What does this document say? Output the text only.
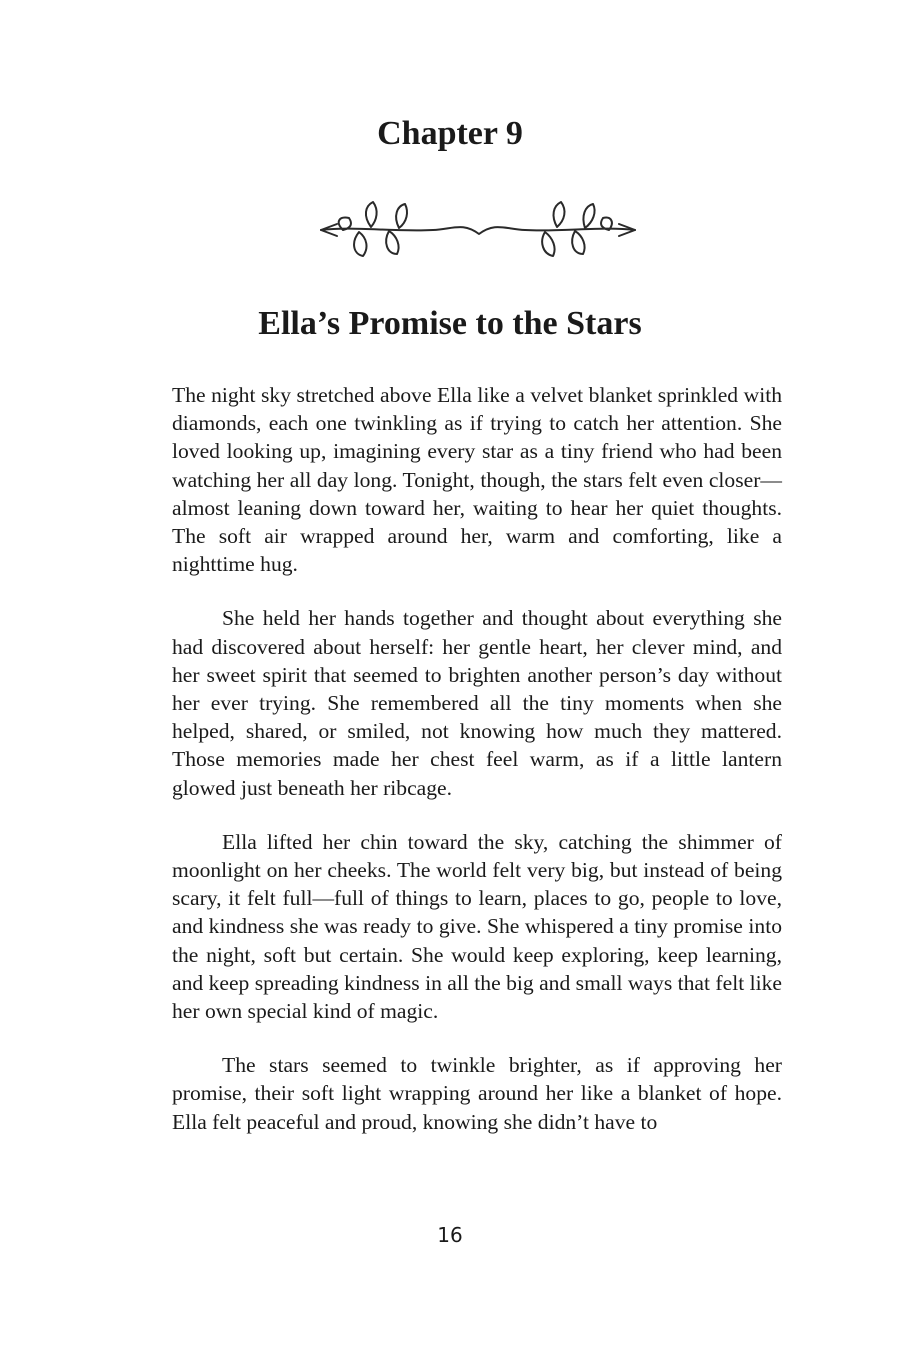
Chapter 9
Ella’s Promise to the Stars

The night sky stretched above Ella like a velvet blanket sprinkled with diamonds, each one twinkling as if trying to catch her attention. She loved looking up, imagining every star as a tiny friend who had been watching her all day long. Tonight, though, the stars felt even closer—almost leaning down toward her, waiting to hear her quiet thoughts. The soft air wrapped around her, warm and comforting, like a nighttime hug.

She held her hands together and thought about everything she had discovered about herself: her gentle heart, her clever mind, and her sweet spirit that seemed to brighten another person’s day without her ever trying. She remembered all the tiny moments when she helped, shared, or smiled, not knowing how much they mattered. Those memories made her chest feel warm, as if a little lantern glowed just beneath her ribcage.

Ella lifted her chin toward the sky, catching the shimmer of moonlight on her cheeks. The world felt very big, but instead of being scary, it felt full—full of things to learn, places to go, people to love, and kindness she was ready to give. She whispered a tiny promise into the night, soft but certain. She would keep exploring, keep learning, and keep spreading kindness in all the big and small ways that felt like her own special kind of magic.

The stars seemed to twinkle brighter, as if approving her promise, their soft light wrapping around her like a blanket of hope. Ella felt peaceful and proud, knowing she didn’t have to

16
